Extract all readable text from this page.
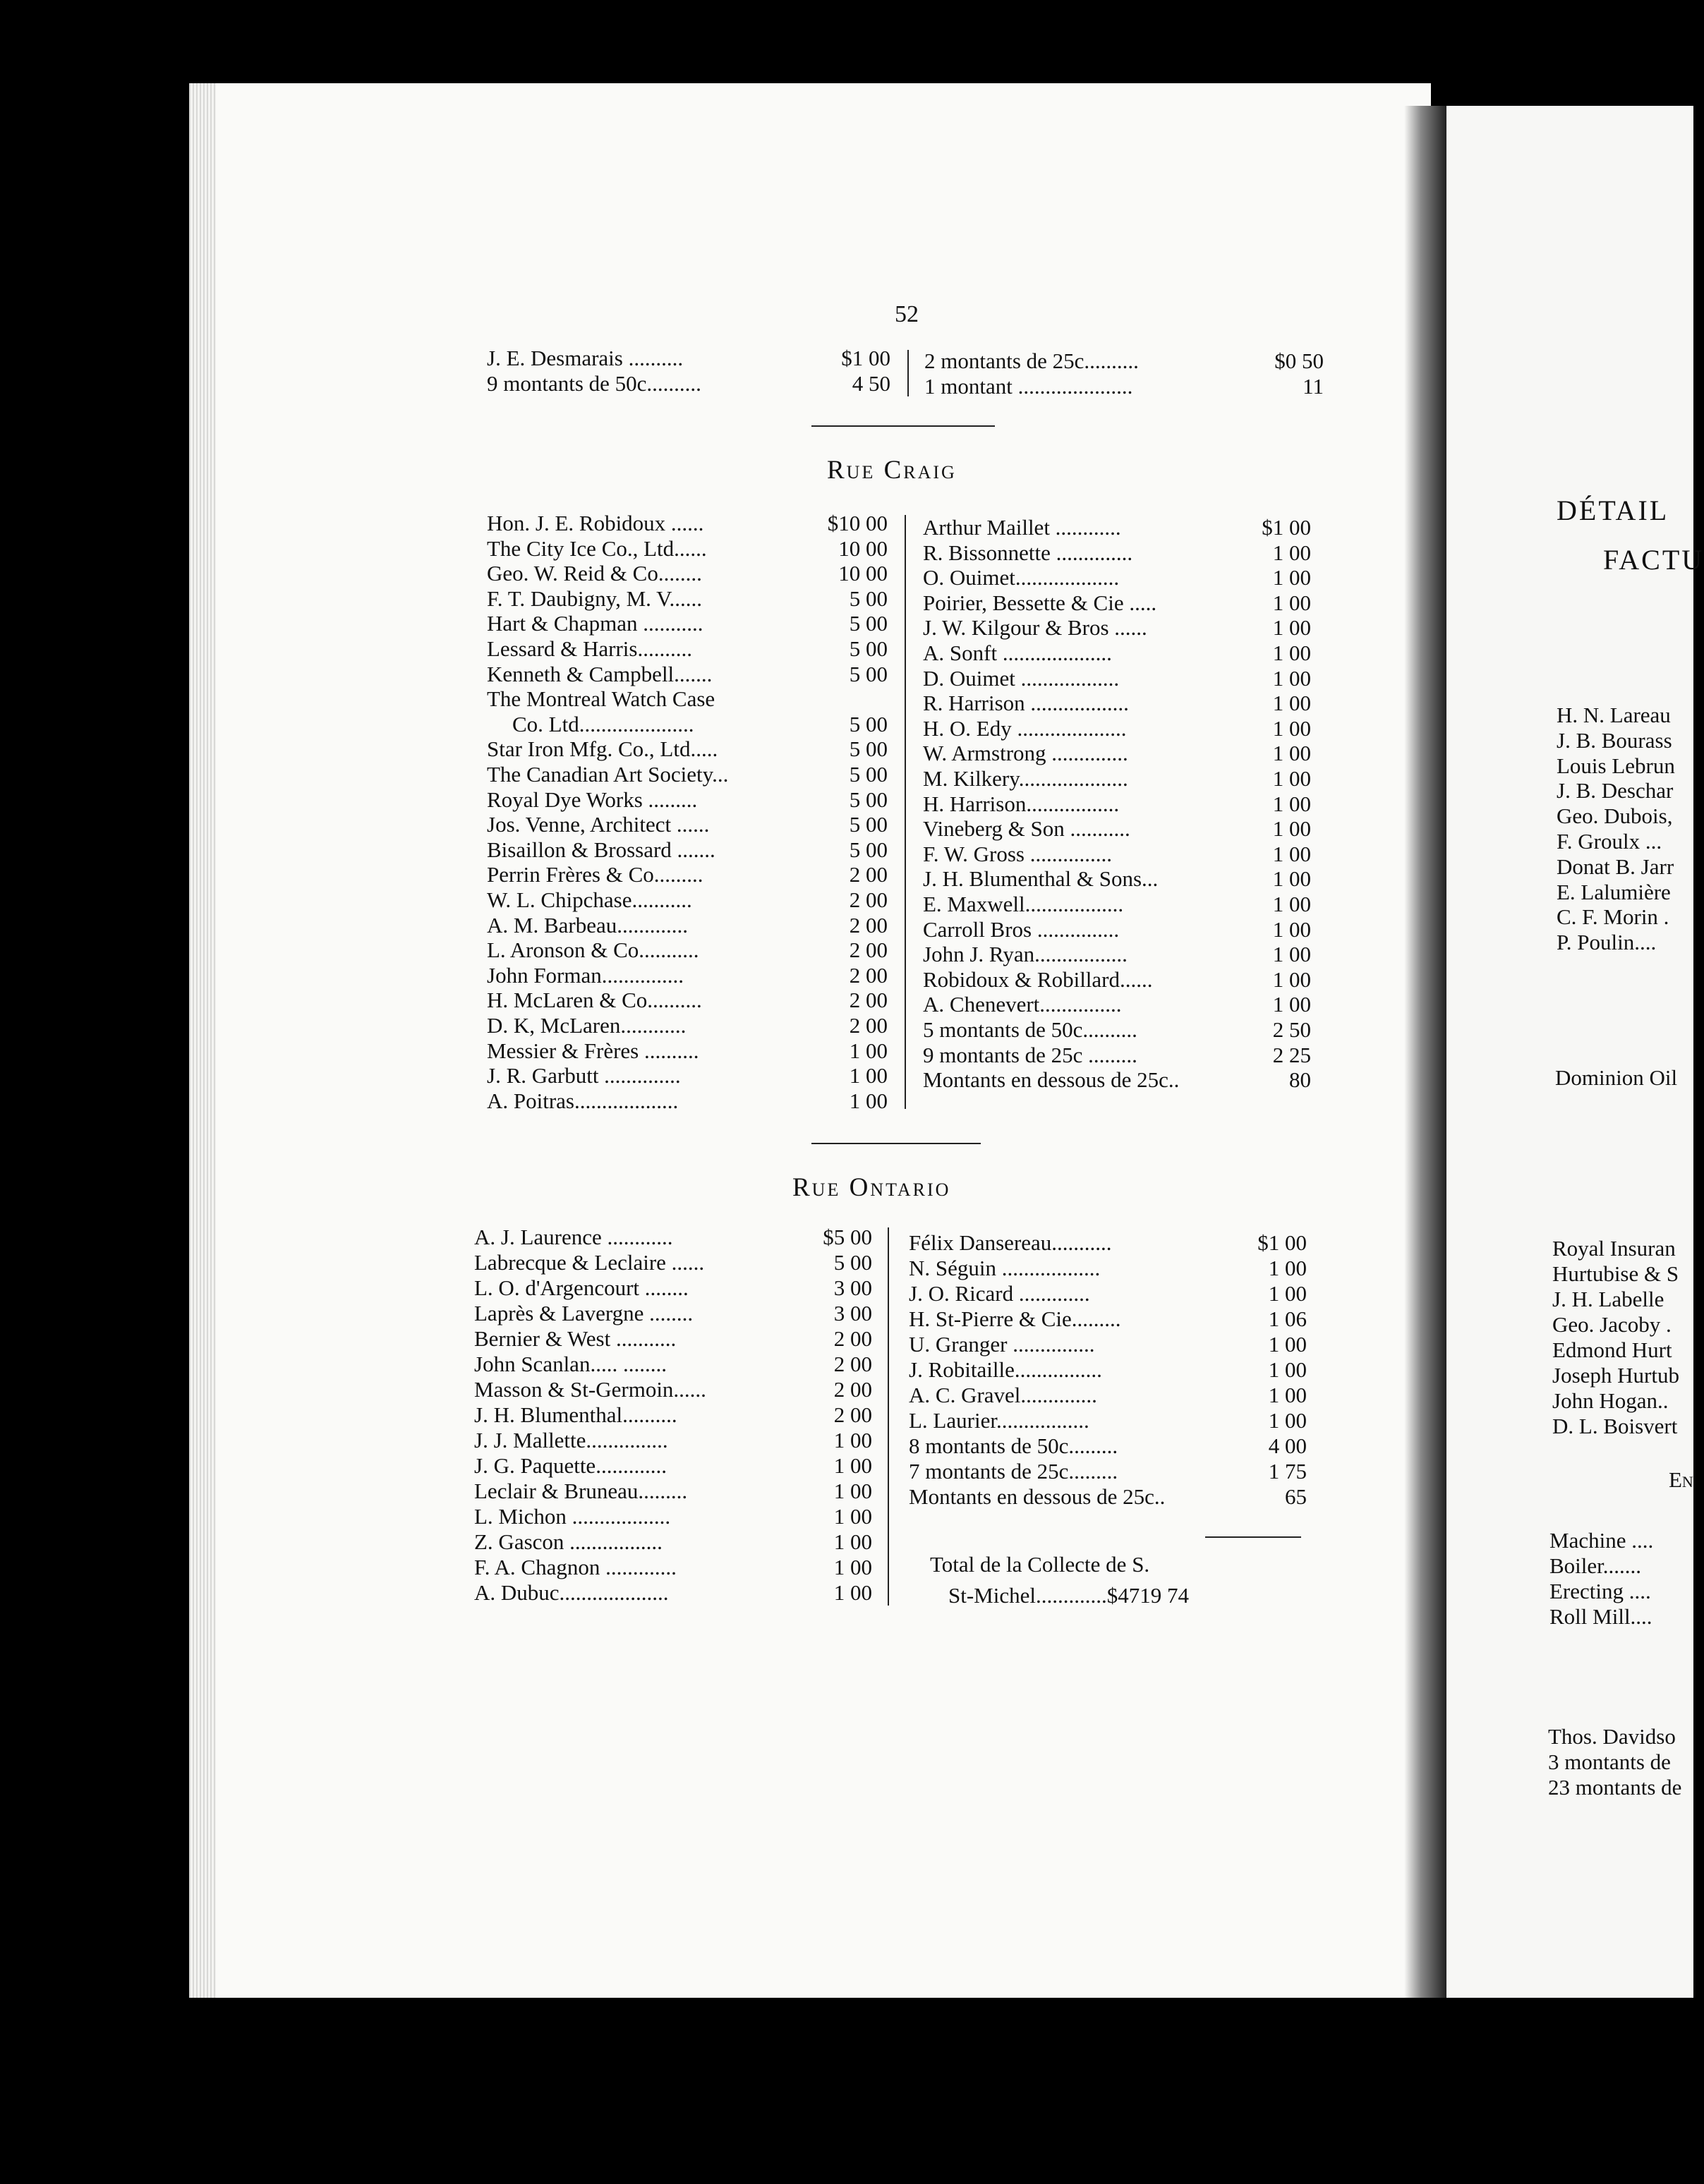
52
J. E. Desmarais ..........	$1 00
9 montants de 50c..........	4 50
2 montants de 25c..........	$0 50
1 montant .....................	11
Rue Craig
Hon. J. E. Robidoux ......	$10 00
The City Ice Co., Ltd......	10 00
Geo. W. Reid & Co........	10 00
F. T. Daubigny, M. V......	5 00
Hart & Chapman ...........	5 00
Lessard & Harris..........	5 00
Kenneth & Campbell.......	5 00
The Montreal Watch Case
Co. Ltd.....................	5 00
Star Iron Mfg. Co., Ltd.....	5 00
The Canadian Art Society...	5 00
Royal Dye Works .........	5 00
Jos. Venne, Architect ......	5 00
Bisaillon & Brossard .......	5 00
Perrin Frères & Co.........	2 00
W. L. Chipchase...........	2 00
A. M. Barbeau.............	2 00
L. Aronson & Co...........	2 00
John Forman...............	2 00
H. McLaren & Co..........	2 00
D. K, McLaren............	2 00
Messier & Frères ..........	1 00
J. R. Garbutt ..............	1 00
A. Poitras...................	1 00
Arthur Maillet ............	$1 00
R. Bissonnette ..............	1 00
O. Ouimet...................	1 00
Poirier, Bessette & Cie .....	1 00
J. W. Kilgour & Bros ......	1 00
A. Sonft ....................	1 00
D. Ouimet ..................	1 00
R. Harrison ..................	1 00
H. O. Edy ....................	1 00
W. Armstrong ..............	1 00
M. Kilkery....................	1 00
H. Harrison.................	1 00
Vineberg & Son ...........	1 00
F. W. Gross ...............	1 00
J. H. Blumenthal & Sons...	1 00
E. Maxwell..................	1 00
Carroll Bros ...............	1 00
John J. Ryan.................	1 00
Robidoux & Robillard......	1 00
A. Chenevert...............	1 00
5 montants de 50c..........	2 50
9 montants de 25c .........	2 25
Montants en dessous de 25c..	80
Rue Ontario
A. J. Laurence ............	$5 00
Labrecque & Leclaire ......	5 00
L. O. d'Argencourt ........	3 00
Laprès & Lavergne ........	3 00
Bernier & West ...........	2 00
John Scanlan..... ........	2 00
Masson & St-Germoin......	2 00
J. H. Blumenthal..........	2 00
J. J. Mallette...............	1 00
J. G. Paquette.............	1 00
Leclair & Bruneau.........	1 00
L. Michon ..................	1 00
Z. Gascon .................	1 00
F. A. Chagnon .............	1 00
A. Dubuc....................	1 00
Félix Dansereau...........	$1 00
N. Séguin ..................	1 00
J. O. Ricard .............	1 00
H. St-Pierre & Cie.........	1 06
U. Granger ...............	1 00
J. Robitaille................	1 00
A. C. Gravel..............	1 00
L. Laurier.................	1 00
8 montants de 50c.........	4 00
7 montants de 25c.........	1 75
Montants en dessous de 25c..	65
Total de la Collecte de S.
St-Michel.............$4719 74
DÉTAIL
FACTU
H. N. Lareau
J. B. Bourass
Louis Lebrun
J. B. Deschar
Geo. Dubois,
F. Groulx ...
Donat B. Jarr
E. Lalumière
C. F. Morin .
P. Poulin....
Dominion Oil
Royal Insuran
Hurtubise & S
J. H. Labelle
Geo. Jacoby .
Edmond Hurt
Joseph Hurtub
John Hogan..
D. L. Boisvert
En
Machine ....
Boiler.......
Erecting ....
Roll Mill....
Thos. Davidso
3 montants de
23 montants de
